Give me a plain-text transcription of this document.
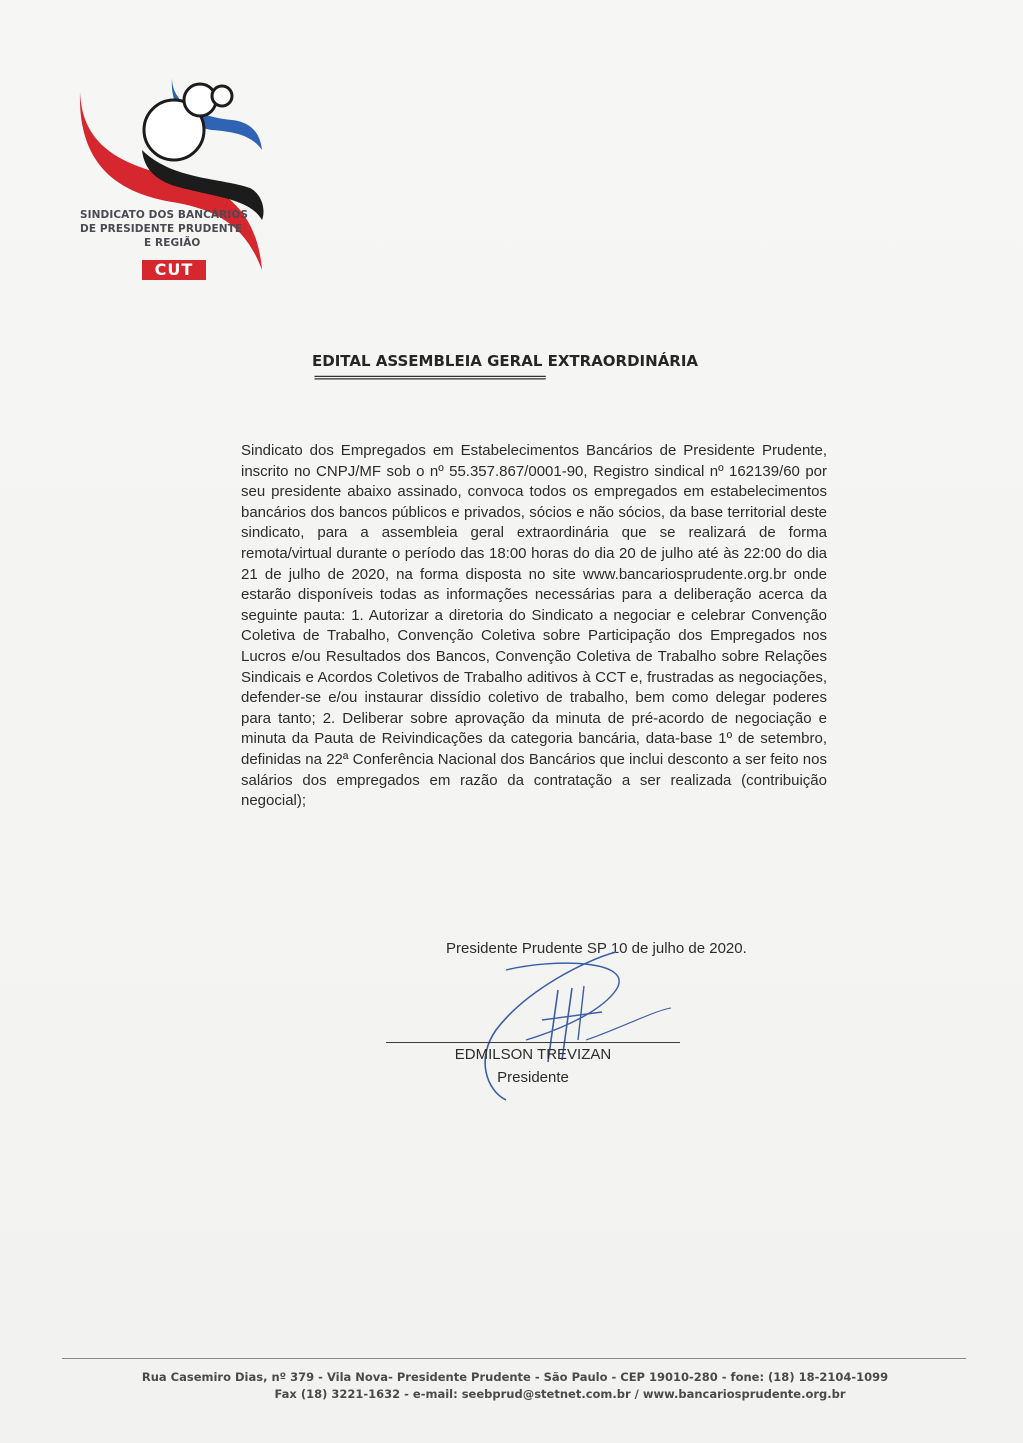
SINDICATO DOS BANCÁRIOS
DE PRESIDENTE PRUDENTE
E REGIÃO
CUT
EDITAL ASSEMBLEIA GERAL EXTRAORDINÁRIA
===========================================

Sindicato dos Empregados em Estabelecimentos Bancários de Presidente Prudente, inscrito no CNPJ/MF sob o nº 55.357.867/0001-90, Registro sindical nº 162139/60 por seu presidente abaixo assinado, convoca todos os empregados em estabelecimentos bancários dos bancos públicos e privados, sócios e não sócios, da base territorial deste sindicato, para a assembleia geral extraordinária que se realizará de forma remota/virtual durante o período das 18:00 horas do dia 20 de julho até às 22:00 do dia 21 de julho de 2020, na forma disposta no site www.bancariosprudente.org.br onde estarão disponíveis todas as informações necessárias para a deliberação acerca da seguinte pauta: 1. Autorizar a diretoria do Sindicato a negociar e celebrar Convenção Coletiva de Trabalho, Convenção Coletiva sobre Participação dos Empregados nos Lucros e/ou Resultados dos Bancos, Convenção Coletiva de Trabalho sobre Relações Sindicais e Acordos Coletivos de Trabalho aditivos à CCT e, frustradas as negociações, defender-se e/ou instaurar dissídio coletivo de trabalho, bem como delegar poderes para tanto; 2. Deliberar sobre aprovação da minuta de pré-acordo de negociação e minuta da Pauta de Reivindicações da categoria bancária, data-base 1º de setembro, definidas na 22ª Conferência Nacional dos Bancários que inclui desconto a ser feito nos salários dos empregados em razão da contratação a ser realizada (contribuição negocial);

Presidente Prudente SP 10 de julho de 2020.
EDMILSON TREVIZAN
Presidente
Rua Casemiro Dias, nº 379 - Vila Nova- Presidente Prudente - São Paulo - CEP 19010-280 - fone: (18) 18-2104-1099
Fax (18) 3221-1632 - e-mail: seebprud@stetnet.com.br / www.bancariosprudente.org.br
